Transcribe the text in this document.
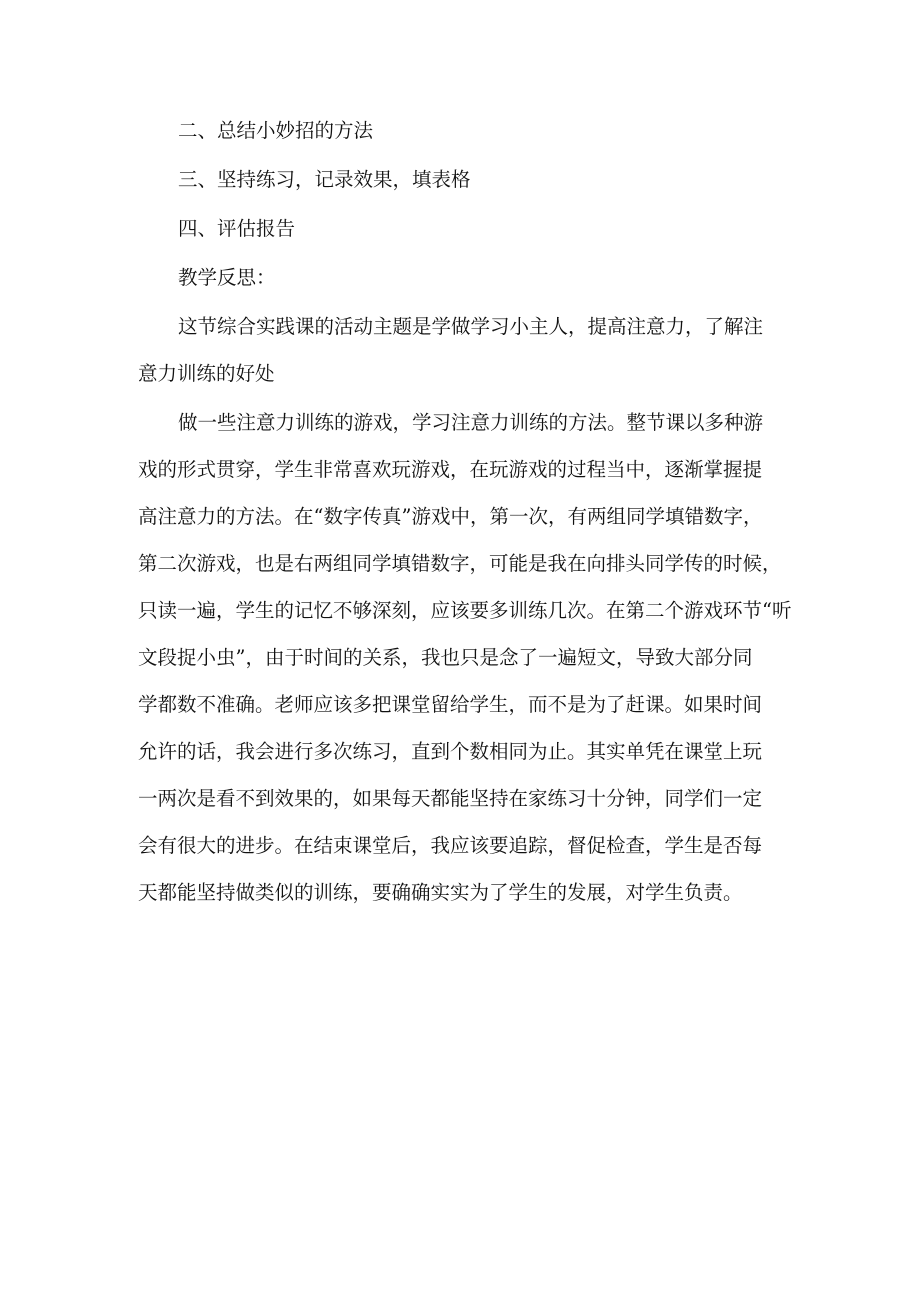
二、总结小妙招的方法

三、坚持练习，记录效果，填表格

四、评估报告

教学反思：

这节综合实践课的活动主题是学做学习小主人，提高注意力，了解注

意力训练的好处

做一些注意力训练的游戏，学习注意力训练的方法。整节课以多种游

戏的形式贯穿，学生非常喜欢玩游戏，在玩游戏的过程当中，逐渐掌握提

高注意力的方法。在“数字传真”游戏中，第一次，有两组同学填错数字，

第二次游戏，也是右两组同学填错数字，可能是我在向排头同学传的时候，

只读一遍，学生的记忆不够深刻，应该要多训练几次。在第二个游戏环节“听

文段捉小虫”，由于时间的关系，我也只是念了一遍短文，导致大部分同

学都数不准确。老师应该多把课堂留给学生，而不是为了赶课。如果时间

允许的话，我会进行多次练习，直到个数相同为止。其实单凭在课堂上玩

一两次是看不到效果的，如果每天都能坚持在家练习十分钟，同学们一定

会有很大的进步。在结束课堂后，我应该要追踪，督促检查，学生是否每

天都能坚持做类似的训练，要确确实实为了学生的发展，对学生负责。
